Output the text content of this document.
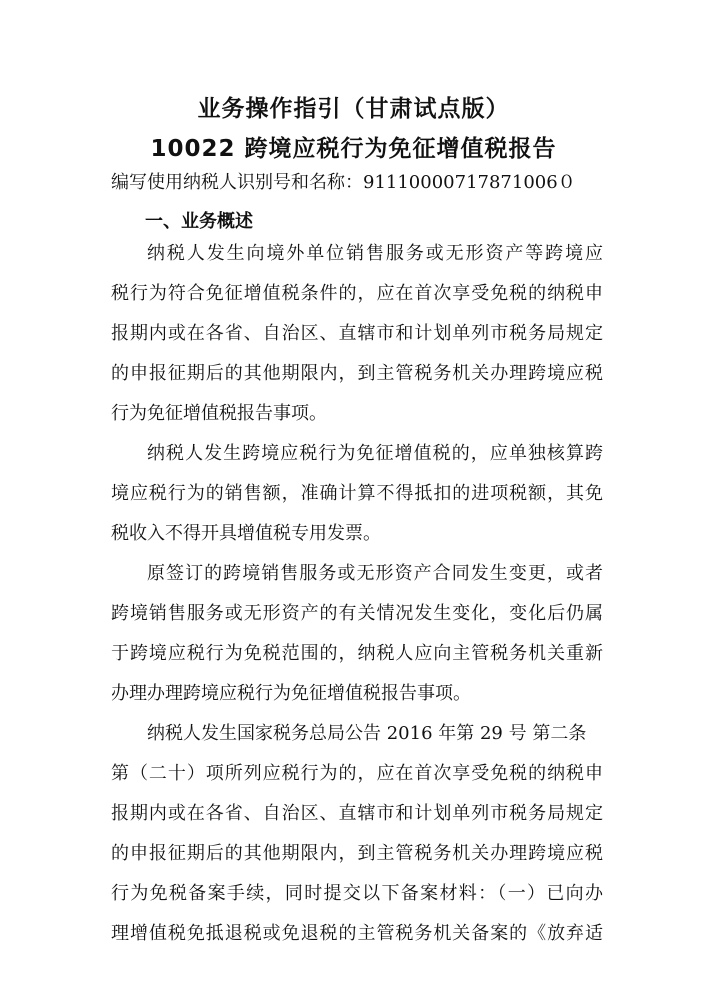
业务操作指引（甘肃试点版）
10022 跨境应税行为免征增值税报告
编写使用纳税人识别号和名称：91110000717871006０
一、业务概述
纳税人发生向境外单位销售服务或无形资产等跨境应
税行为符合免征增值税条件的，应在首次享受免税的纳税申
报期内或在各省、自治区、直辖市和计划单列市税务局规定
的申报征期后的其他期限内，到主管税务机关办理跨境应税
行为免征增值税报告事项。
纳税人发生跨境应税行为免征增值税的，应单独核算跨
境应税行为的销售额，准确计算不得抵扣的进项税额，其免
税收入不得开具增值税专用发票。
原签订的跨境销售服务或无形资产合同发生变更，或者
跨境销售服务或无形资产的有关情况发生变化，变化后仍属
于跨境应税行为免税范围的，纳税人应向主管税务机关重新
办理办理跨境应税行为免征增值税报告事项。
纳税人发生国家税务总局公告 2016 年第 29 号 第二条
第（二十）项所列应税行为的，应在首次享受免税的纳税申
报期内或在各省、自治区、直辖市和计划单列市税务局规定
的申报征期后的其他期限内，到主管税务机关办理跨境应税
行为免税备案手续，同时提交以下备案材料：（一）已向办
理增值税免抵退税或免退税的主管税务机关备案的《放弃适
